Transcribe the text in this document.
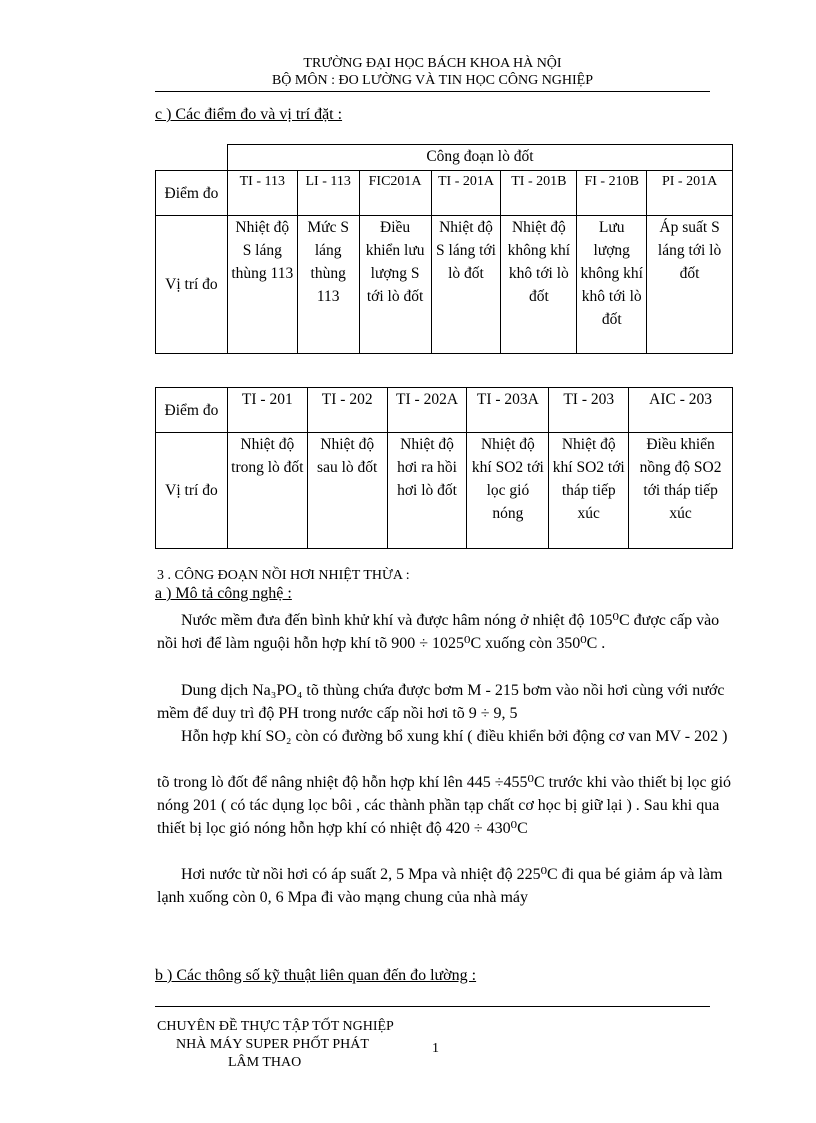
TRƯỜNG ĐẠI HỌC BÁCH KHOA HÀ NỘI
BỘ MÔN : ĐO LƯỜNG VÀ TIN HỌC CÔNG NGHIỆP
c ) Các điểm đo và vị trí đặt :
	Công đoạn lò đốt						
Điểm đo	TI - 113	LI - 113	FIC201A	TI - 201A	TI - 201B	FI - 210B	PI - 201A
Vị trí đo	Nhiệt độ S láng thùng 113	Mức S láng thùng 113	Điều khiển lưu lượng S tới lò đốt	Nhiệt độ S láng tới lò đốt	Nhiệt độ không khí khô tới lò đốt	Lưu lượng không khí khô tới lò đốt	Áp suất S láng tới lò đốt
Điểm đo	TI - 201	TI - 202	TI - 202A	TI - 203A	TI - 203	AIC - 203
Vị trí đo	Nhiệt độ trong lò đốt	Nhiệt độ sau lò đốt	Nhiệt độ hơi ra hồi hơi lò đốt	Nhiệt độ khí SO2 tới lọc gió nóng	Nhiệt độ khí SO2 tới tháp tiếp xúc	Điều khiển nồng độ SO2 tới tháp tiếp xúc
3 . CÔNG ĐOẠN NỒI HƠI NHIỆT THỪA :
a ) Mô tả công nghệ :
Nước mềm đưa đến bình khử khí và được hâm nóng ở nhiệt độ 105⁰C được cấp vào nồi hơi để làm nguội hỗn hợp khí tõ 900 ÷ 1025⁰C xuống còn 350⁰C .
Dung dịch Na₃PO₄ tõ thùng chứa được bơm M - 215 bơm vào nồi hơi cùng với nước mềm để duy trì độ PH trong nước cấp nồi hơi tõ 9 ÷ 9, 5
Hỗn hợp khí SO₂ còn có đường bổ xung khí ( điều khiển bởi động cơ van MV - 202 )
tõ trong lò đốt để nâng nhiệt độ hỗn hợp khí lên 445 ÷455⁰C trước khi vào thiết bị lọc gió nóng 201 ( có tác dụng lọc bôi , các thành phần tạp chất cơ học bị giữ lại ) . Sau khi qua thiết bị lọc gió nóng hỗn hợp khí có nhiệt độ 420 ÷ 430⁰C
Hơi nước từ nồi hơi có áp suất 2, 5 Mpa và nhiệt độ 225⁰C đi qua bé giảm áp và làm lạnh xuống còn 0, 6 Mpa đi vào mạng chung của nhà máy
b ) Các thông số kỹ thuật liên quan đến đo lường :
CHUYÊN ĐỀ THỰC TẬP TỐT NGHIỆP
NHÀ MÁY SUPER PHỐT PHÁT
LÂM THAO
1
